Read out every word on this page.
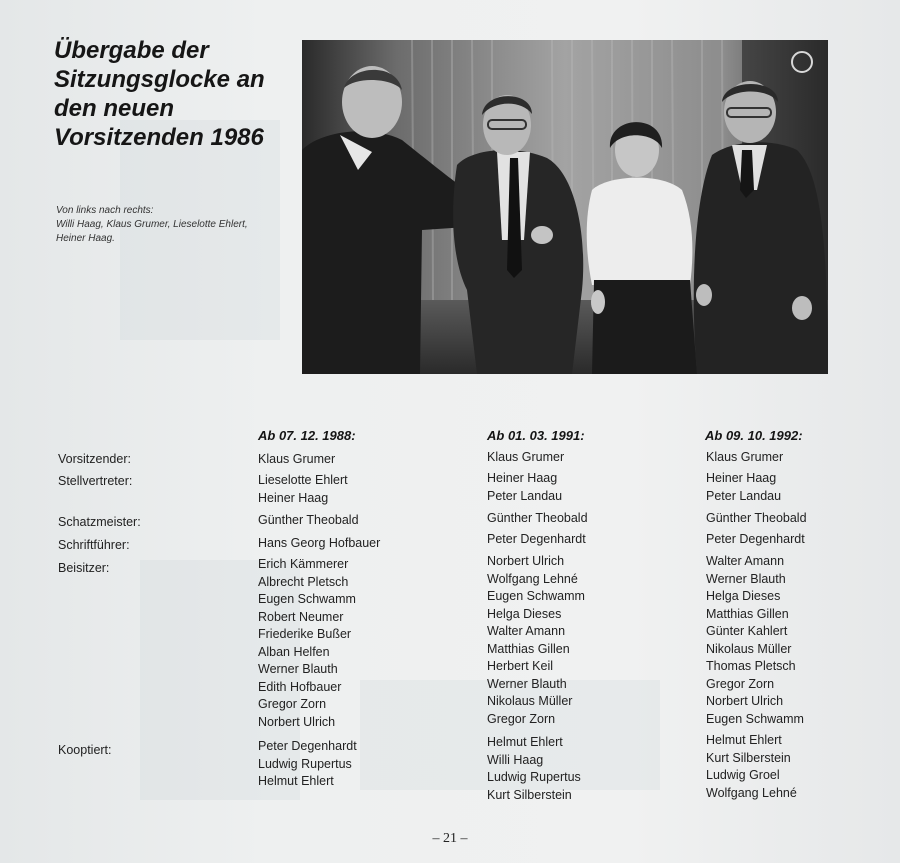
Übergabe der
Sitzungsglocke an
den neuen
Vorsitzenden 1986
Von links nach rechts:
Willi Haag, Klaus Grumer, Lieselotte Ehlert,
Heiner Haag.
Ab 07. 12. 1988:	Ab 01. 03. 1991:	Ab 09. 10. 1992:
Vorsitzender:
Stellvertreter:
Schatzmeister:
Schriftführer:
Beisitzer:
Kooptiert:
Klaus Grumer
Lieselotte Ehlert
Heiner Haag
Günther Theobald
Hans Georg Hofbauer
Erich Kämmerer
Albrecht Pletsch
Eugen Schwamm
Robert Neumer
Friederike Bußer
Alban Helfen
Werner Blauth
Edith Hofbauer
Gregor Zorn
Norbert Ulrich
Peter Degenhardt
Ludwig Rupertus
Helmut Ehlert
Klaus Grumer
Heiner Haag
Peter Landau
Günther Theobald
Peter Degenhardt
Norbert Ulrich
Wolfgang Lehné
Eugen Schwamm
Helga Dieses
Walter Amann
Matthias Gillen
Herbert Keil
Werner Blauth
Nikolaus Müller
Gregor Zorn
Helmut Ehlert
Willi Haag
Ludwig Rupertus
Kurt Silberstein
Klaus Grumer
Heiner Haag
Peter Landau
Günther Theobald
Peter Degenhardt
Walter Amann
Werner Blauth
Helga Dieses
Matthias Gillen
Günter Kahlert
Nikolaus Müller
Thomas Pletsch
Gregor Zorn
Norbert Ulrich
Eugen Schwamm
Helmut Ehlert
Kurt Silberstein
Ludwig Groel
Wolfgang Lehné
– 21 –
